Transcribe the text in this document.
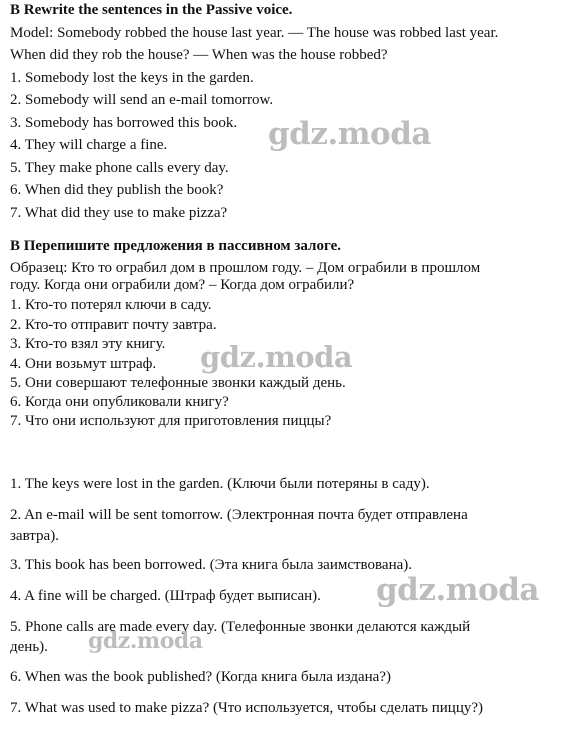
B Rewrite the sentences in the Passive voice.
Model: Somebody robbed the house last year. — The house was robbed last year.
When did they rob the house? — When was the house robbed?
1. Somebody lost the keys in the garden.
2. Somebody will send an e-mail tomorrow.
3. Somebody has borrowed this book.
4. They will charge a fine.
5. They make phone calls every day.
6. When did they publish the book?
7. What did they use to make pizza?
В Перепишите предложения в пассивном залоге.
Образец: Кто то ограбил дом в прошлом году. – Дом ограбили в прошлом
году. Когда они ограбили дом? – Когда дом ограбили?
1. Кто-то потерял ключи в саду.
2. Кто-то отправит почту завтра.
3. Кто-то взял эту книгу.
4. Они возьмут штраф.
5. Они совершают телефонные звонки каждый день.
6. Когда они опубликовали книгу?
7. Что они используют для приготовления пиццы?
1. The keys were lost in the garden. (Ключи были потеряны в саду).
2. An e-mail will be sent tomorrow. (Электронная почта будет отправлена
завтра).
3. This book has been borrowed. (Эта книга была заимствована).
4. A fine will be charged. (Штраф будет выписан).
5. Phone calls are made every day. (Телефонные звонки делаются каждый
день).
6. When was the book published? (Когда книга была издана?)
7. What was used to make pizza? (Что используется, чтобы сделать пиццу?)
gdz.moda
gdz.moda
gdz.moda
gdz.moda
